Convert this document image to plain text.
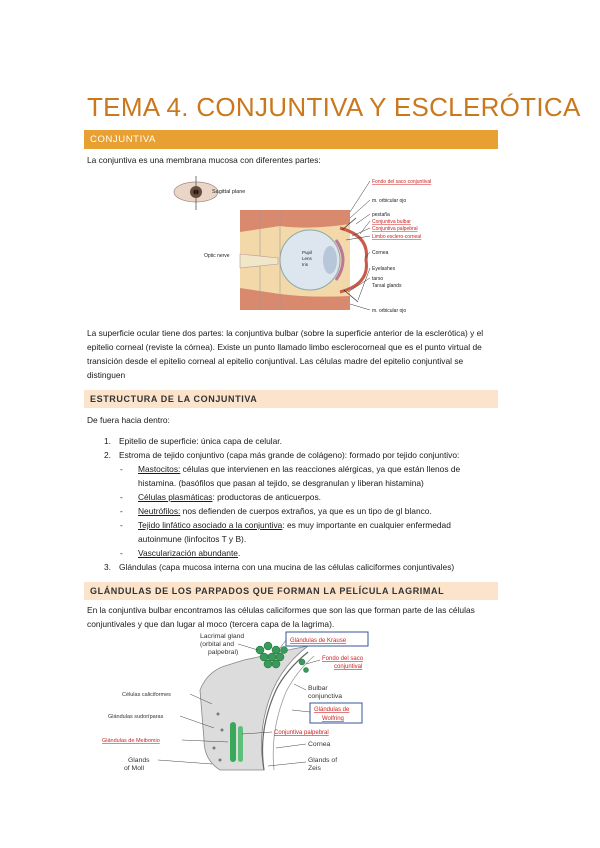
TEMA 4. CONJUNTIVA Y ESCLERÓTICA
CONJUNTIVA
La conjuntiva es una membrana mucosa con diferentes partes:
Sagittal plane
Optic nerve
Pupil
Lens
Iris
Fondo del saco conjuntival
m. orbicular ojo
pestaña
Conjuntiva bulbar
Conjuntiva palpebral
Limbo esclero-corneal
Cornea
Eyelashes
tarso
Tarsal glands
m. orbicular ojo
La superficie ocular tiene dos partes: la conjuntiva bulbar (sobre la superficie anterior de la esclerótica) y el epitelio corneal (reviste la córnea). Existe un punto llamado limbo esclerocorneal que es el punto virtual de transición desde el epitelio corneal al epitelio conjuntival. Las células madre del epitelio conjuntival se distinguen
ESTRUCTURA DE LA CONJUNTIVA
De fuera hacia dentro:
1. Epitelio de superficie: única capa de celular.
2. Estroma de tejido conjuntivo (capa más grande de colágeno): formado por tejido conjuntivo:
- Mastocitos: células que intervienen en las reacciones alérgicas, ya que están llenos de
histamina. (basófilos que pasan al tejido, se desgranulan y liberan histamina)
- Células plasmáticas: productoras de anticuerpos.
- Neutrófilos: nos defienden de cuerpos extraños, ya que es un tipo de gl blanco.
- Tejido linfático asociado a la conjuntiva: es muy importante en cualquier enfermedad
autoinmune (linfocitos T y B).
- Vascularización abundante.
3. Glándulas (capa mucosa interna con una mucina de las células caliciformes conjuntivales)
GLÁNDULAS DE LOS PARPADOS QUE FORMAN LA PELÍCULA LAGRIMAL
En la conjuntiva bulbar encontramos las células caliciformes que son las que forman parte de las células conjuntivales y que dan lugar al moco (tercera capa de la lagrima).
Lacrimal gland
(orbital and
palpebral)
Glándulas de Krause
Fondo del saco
conjuntival
Bulbar
conjunctiva
Glándulas de
Wolfring
Conjuntiva palpebral
Cornea
Glands of
Zeis
Células caliciformes
Glándulas sudoríparas
Glándulas de Meibomio
Glands
of Moll
